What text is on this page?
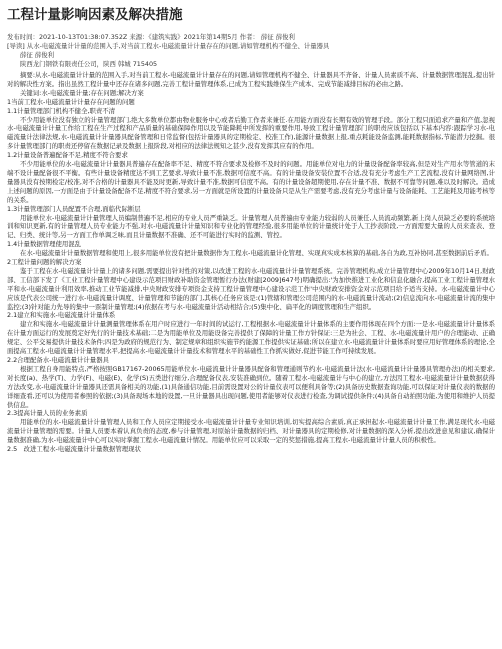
工程计量影响因素及解决措施
发布时间：2021-10-13T01:38:07.352Z 来源：《建筑实践》2021年第14期5月 作者： 薛征 薛俊利
[导读] 从水-电磁流量计计量的范围入手,对当前工程水-电磁流量计计量存在的问题,请如管理机构不健全、计量器具
薛征 薛俊利
陕西龙门钢铁有限责任公司，陕西 韩城 715405

摘要:从水-电磁流量计计量的范围入手,对当前工程水-电磁流量计计量存在的问题,请如管理机构不健全、计量器具不齐备、计量人员素质不高、计量数据管理混乱,提出针对的解决性方案。指出虽然工程计量中还存在诸多问题,完善工程计量管理体系,已成为工程实践维保生产成本、完成节能减排目标的必由之路。

关键词:水-电磁流量计量;存在问题;解决方案

1当前工程水-电磁流量计计量存在问题的问题

1.1计量管理部门机构不健全,职责不清

不少用能单位没有独立的计量管理部门,绝大多数单位都由物业服务中心或者后勤工作者来兼任.在用能方面没有长期有效的管理手段。部分工程只面追求产量和产值,忽视水-电磁流量计计量工作给工程在生产过程和产品质量的基础保障作用以及节能降耗中所发挥的重要作用,导致工程计量管理部门的职责应该包括以下基本内容:跟踪学习水-电磁流量计法律法规,水-电磁流量计计量器具配备管理和日常监督(包括计量器具的定期检定、校准工作),能源计量数据上报,重点耗能设备监测,能耗数据指标,节能潜力挖掘。很多计量管理部门的职责还停留在数据记录及数据上报阶段,对相应的法律法规知之甚少,没有发挥其应有的作用。

1.2计量设备普遍配备不足,精度不符合要求

不少用能单位的水-电磁流量计计量器具普遍存在配备率不足、精度不符合要求及检修不及时的问题。用能单位对电力的计量设备配备率较高,但是对生产用水等管道的末端不设计量配备很不平衡。有些计量设备精度达不到工艺要求,导致计量不准,数据可信度不高。有的计量设备安装位置不合适,没有充分考虑生产工艺流程,没有计量网络图,计量器具没有按期检定/校准,对不合格的计量器具不能及时更新,导致计量不准,数据可信度不高。有的计量设备超期使用,存在计量不准、数据不可靠等问题,难以及时解决。造成上述问题的原因,一方面是由于计量设备配备不足,精度不符合要求,另一方面就是所设置的计量设备只是从生产需要考虑,没有充分考虑计量与设备能耗、工艺能耗及用能考核等的关系。

1.3计量管理部门人员配置不合理,面临代际断层

用能单位水-电磁流量计计量管理人员编制普遍不足,相应的专业人员严重缺乏。计量管理人员普遍由专业能力较弱的人员兼任,人员流动频繁,新上岗人员缺乏必要的系统培训和知识更新,有的计量管理人员专业能力不强,对水-电磁流量计计量知识和专业化的管理经验,很多用能单位的计量统计处于人工抄表阶段,一方面需要大量的人员来查表、登记、归类、统计等,另一方面工作单调乏味,而且计量数据不准确、还不可能进行实时的监测、管控。

1.4计量数据管理使用混乱

在水-电磁流量计计量数据管理和使用上,很多用能单位没有把计量数据作为工程水-电磁流量计化管理、实现真实成本核算的基础,各自为政,互补协同,甚至数据前后矛盾。

2工程计量问题的解决方案

鉴于工程在水-电磁流量计计量上的诸多问题,需要提出针对性的对策,以改进工程的水-电磁流量计计量管理系统。完善管理机构,成立计量管理中心2009年10月14日,财政部、工信部下发了《工业工程计量管理中心建设示范项目财政补助资金管理暂行办法(财建[2009]647号)明确提出:'为加快推进工业化和信息化融合,提高工业工程计量管理水平和水-电磁流量计利用效率,推动工业节能减排,中央财政安排专项资金支持工程计量管理中心建设示范工作'中央财政安排资金对示范项目给予适当支持。水-电磁流量计中心应该是代表公司统一进行水-电磁流量计调度、计量管理和节能的部门,其核心任务应该是:(1)管辖和管理公司范围内的水-电磁流量计流动;(2)信息流向水-电磁流量计流的集中监控;(3)针对能力先导的集中一票制计量管理;(4)依据在考与水-电磁流量计活动相结合;(5)集中化、扁平化的调度管理和生产组织。

2.1建立和实施水-电磁流量计计量体系

建立和实施水-电磁流量计计量测量管理体系在用户时应进行一年时间的试运行,工程根据水-电磁流量计计量体系的主要作用体现在四个方面:一是水-电磁流量计计量体系在计量方面运行的发展奠定好先行的计量技术基础;二是为用能单位及用能设备完善提供了保障的计量工作方针保证:三是为社会、工程、水-电磁流量计用户的合理能动、正确规定、公平交易提供计量技术条件;四是为政府的规范行为、制定规章和组织实施节约能源工作提供实证基础;所以在建立水-电磁流量计计量体系时要应用好管理体系的理论,全面提高工程水-电磁流量计计量管理水平,把提高水-电磁流量计计量技术和管理水平的基础性工作抓实做好,促进节能工作可持续发展。

2.2合理配备水-电磁流量计计量器具

根据工程自身用能特点,严格按照GB17167-20065用能单位水-电磁流量计计量器具配备和管理通则节约水-电磁流量计法(水-电磁流量计计量器具管理办法)的相关要求,对长度(a)、热学(T)、力学(F)、电磁(E)、化学(S)五类进行细分,合理配备仪表,安装准确到位。随着工程水-电磁流量计与中心的建立,方法因工程水-电磁流量计计量数据获得方法改变,水-电磁流量计计量器具还需具备相关的功能,(1)具备通信功能,目前需设置对公的计量仪表可以便利具备等;(2)具备历史数据查询功能,可以保证对计量仪表的数据的详细查看,还可以为使用者参照的依据;(3)具备现场本地的设置,一旦计量器具出现问题,使用者能够对仪表进行检查,为调试提供条件;(4)具备自动拍照功能,为使用和维护人员提供信息。

2.3提高计量人员的业务素质

用能单位的水-电磁流量计计量管理人员和工作人员应定期接受水-电磁流量计计量专业知识培训,切实提高综合素质,真正承担起水-电磁流量计计量工作,满足现代水-电磁流量计计量管理的需要。计量人员要本着认真负责的态度,参与计量管理,对原始计量数据的归档、对计量器具的定期检修,对计量数据的深入分析,提出改进意见和建议,确保计量数据准确,为水-电磁流量计中心可以实时掌握工程水-电磁流量计情况。用能单位应可以采取一定的奖惩措施,提高工程水-电磁流量计计量人员的积极性。

2.5　改进工程水-电磁流量计计量数据管理现状
